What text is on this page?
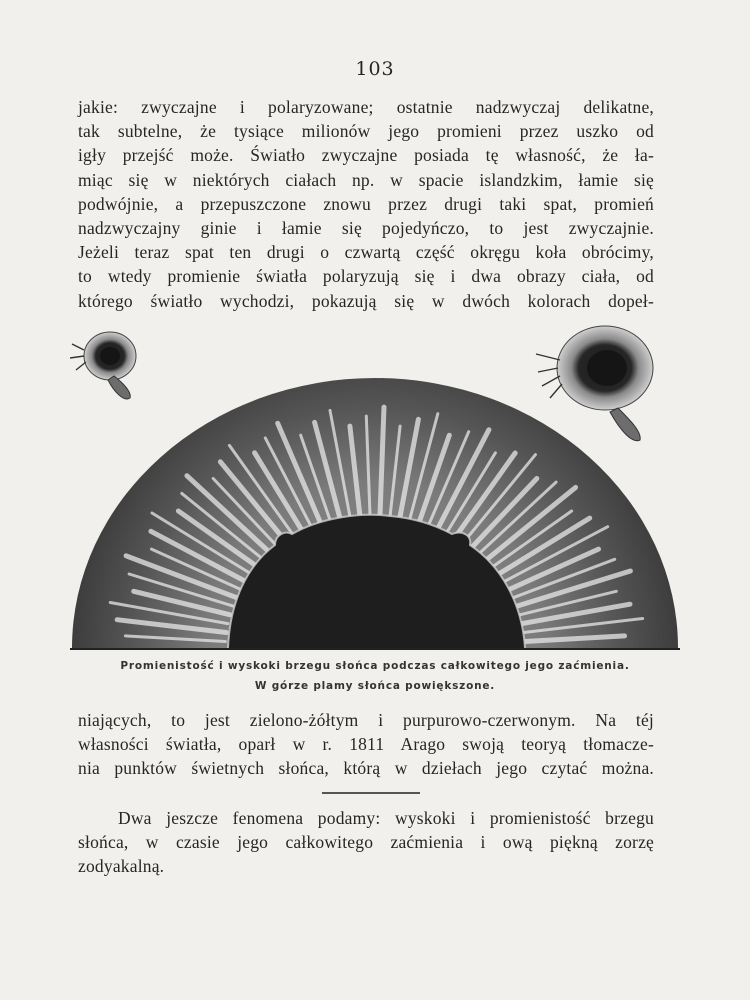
103
jakie: zwyczajne i polaryzowane; ostatnie nadzwyczaj delikatne,
tak subtelne, że tysiące milionów jego promieni przez uszko od
igły przejść może. Światło zwyczajne posiada tę własność, że ła-
miąc się w niektórych ciałach np. w spacie islandzkim, łamie się
podwójnie, a przepuszczone znowu przez drugi taki spat, promień
nadzwyczajny ginie i łamie się pojedyńczo, to jest zwyczajnie.
Jeżeli teraz spat ten drugi o czwartą część okręgu koła obrócimy,
to wtedy promienie światła polaryzują się i dwa obrazy ciała, od
którego światło wychodzi, pokazują się w dwóch kolorach dopeł-
Promienistość i wyskoki brzegu słońca podczas całkowitego jego zaćmienia.
W górze plamy słońca powiększone.
niających, to jest zielono-żółtym i purpurowo-czerwonym. Na téj
własności światła, oparł w r. 1811 Arago swoją teoryą tłomacze-
nia punktów świetnych słońca, którą w dziełach jego czytać można.
Dwa jeszcze fenomena podamy: wyskoki i promienistość brzegu
słońca, w czasie jego całkowitego zaćmienia i ową piękną zorzę
zodyakalną.
